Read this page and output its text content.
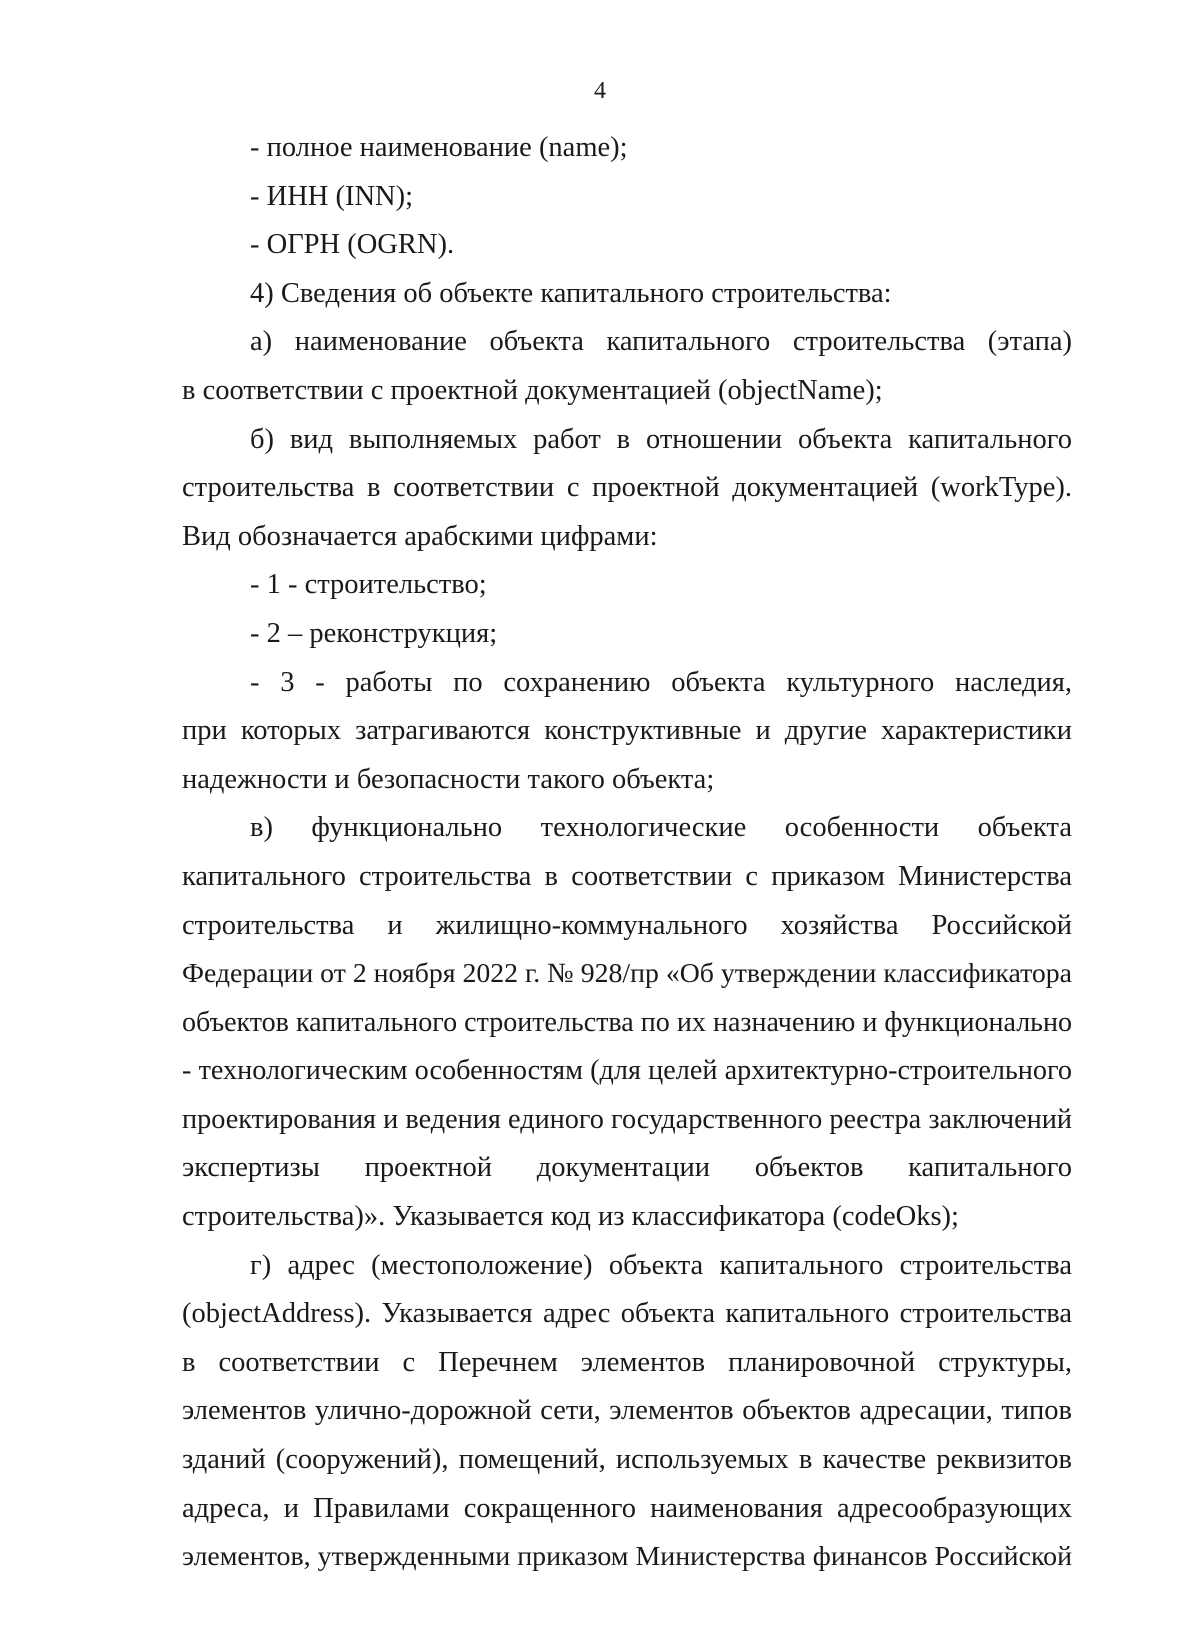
4
- полное наименование (name);
- ИНН (INN);
- ОГРН (OGRN).
4) Сведения об объекте капитального строительства:
а) наименование объекта капитального строительства (этапа)
в соответствии с проектной документацией (objectName);
б) вид выполняемых работ в отношении объекта капитального
строительства в соответствии с проектной документацией (workType).
Вид обозначается арабскими цифрами:
- 1 - строительство;
- 2 – реконструкция;
- 3 - работы по сохранению объекта культурного наследия,
при которых затрагиваются конструктивные и другие характеристики
надежности и безопасности такого объекта;
в) функционально технологические особенности объекта
капитального строительства в соответствии с приказом Министерства
строительства и жилищно-коммунального хозяйства Российской
Федерации от 2 ноября 2022 г. № 928/пр «Об утверждении классификатора
объектов капитального строительства по их назначению и функционально
- технологическим особенностям (для целей архитектурно-строительного
проектирования и ведения единого государственного реестра заключений
экспертизы проектной документации объектов капитального
строительства)». Указывается код из классификатора (codeOks);
г) адрес (местоположение) объекта капитального строительства
(objectAddress). Указывается адрес объекта капитального строительства
в соответствии с Перечнем элементов планировочной структуры,
элементов улично-дорожной сети, элементов объектов адресации, типов
зданий (сооружений), помещений, используемых в качестве реквизитов
адреса, и Правилами сокращенного наименования адресообразующих
элементов, утвержденными приказом Министерства финансов Российской
